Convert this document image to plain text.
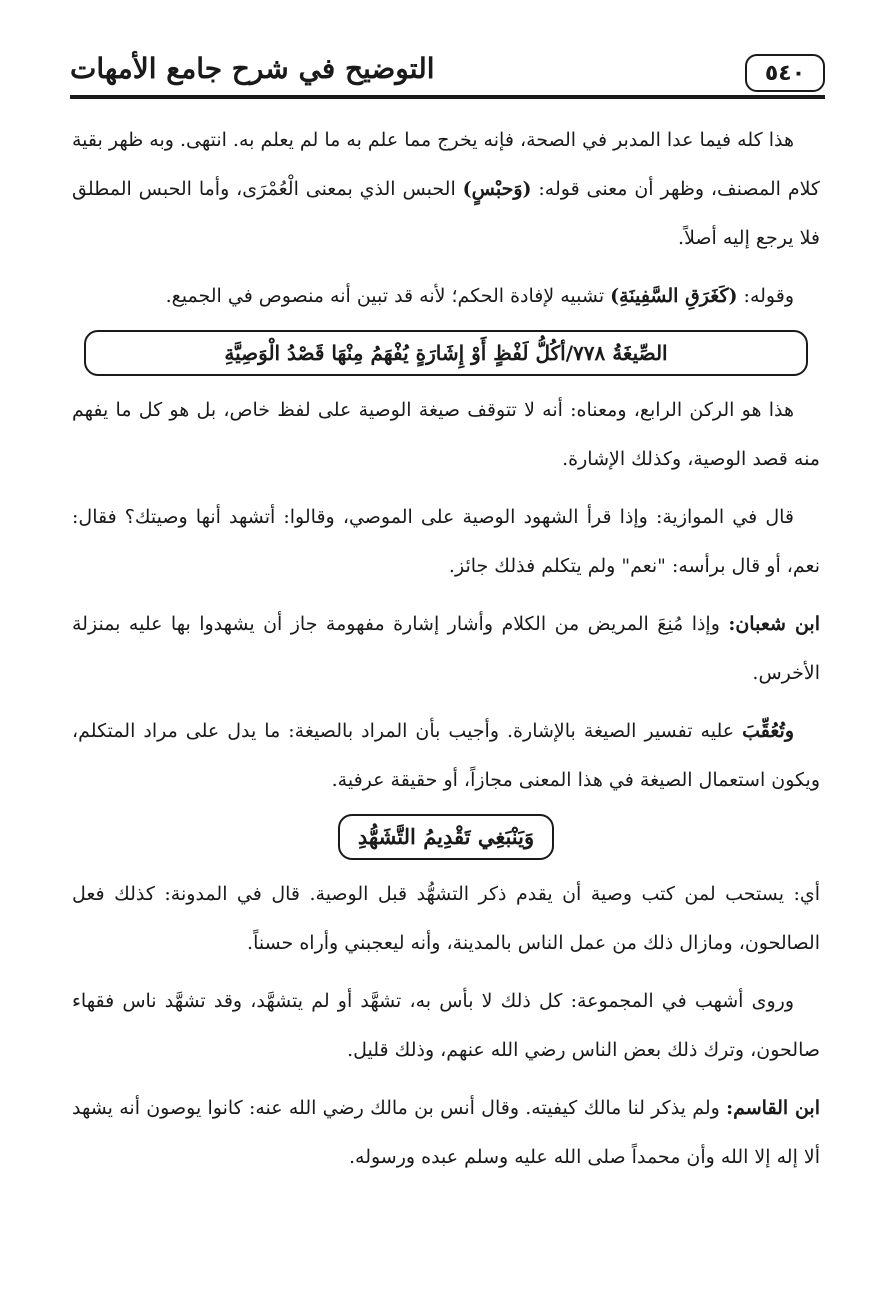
التوضيح في شرح جامع الأمهات	٥٤٠

هذا كله فيما عدا المدبر في الصحة، فإنه يخرج مما علم به ما لم يعلم به. انتهى. وبه ظهر بقية كلام المصنف، وظهر أن معنى قوله: (وَحبْسٍ) الحبس الذي بمعنى الْعُمْرَى، وأما الحبس المطلق فلا يرجع إليه أصلاً.

وقوله: (كَغَرَقِ السَّفِينَةِ) تشبيه لإفادة الحكم؛ لأنه قد تبين أنه منصوص في الجميع.

الصِّيغَةُ ٧٧٨/أكُلُّ لَفْظٍ أَوْ إِشَارَةٍ يُفْهَمُ مِنْهَا قَصْدُ الْوَصِيَّةِ

هذا هو الركن الرابع، ومعناه: أنه لا تتوقف صيغة الوصية على لفظ خاص، بل هو كل ما يفهم منه قصد الوصية، وكذلك الإشارة.

قال في الموازية: وإذا قرأ الشهود الوصية على الموصي، وقالوا: أتشهد أنها وصيتك؟ فقال: نعم، أو قال برأسه: "نعم" ولم يتكلم فذلك جائز.

ابن شعبان: وإذا مُنِعَ المريض من الكلام وأشار إشارة مفهومة جاز أن يشهدوا بها عليه بمنزلة الأخرس.

وتُعُقِّبَ عليه تفسير الصيغة بالإشارة. وأجيب بأن المراد بالصيغة: ما يدل على مراد المتكلم، ويكون استعمال الصيغة في هذا المعنى مجازاً، أو حقيقة عرفية.

وَيَنْبَغِي تَقْدِيمُ التَّشَهُّدِ

أي: يستحب لمن كتب وصية أن يقدم ذكر التشهُّد قبل الوصية. قال في المدونة: كذلك فعل الصالحون، ومازال ذلك من عمل الناس بالمدينة، وأنه ليعجبني وأراه حسناً.

وروى أشهب في المجموعة: كل ذلك لا بأس به، تشهَّد أو لم يتشهَّد، وقد تشهَّد ناس فقهاء صالحون، وترك ذلك بعض الناس رضي الله عنهم، وذلك قليل.

ابن القاسم: ولم يذكر لنا مالك كيفيته. وقال أنس بن مالك رضي الله عنه: كانوا يوصون أنه يشهد ألا إله إلا الله وأن محمداً صلى الله عليه وسلم عبده ورسوله.
